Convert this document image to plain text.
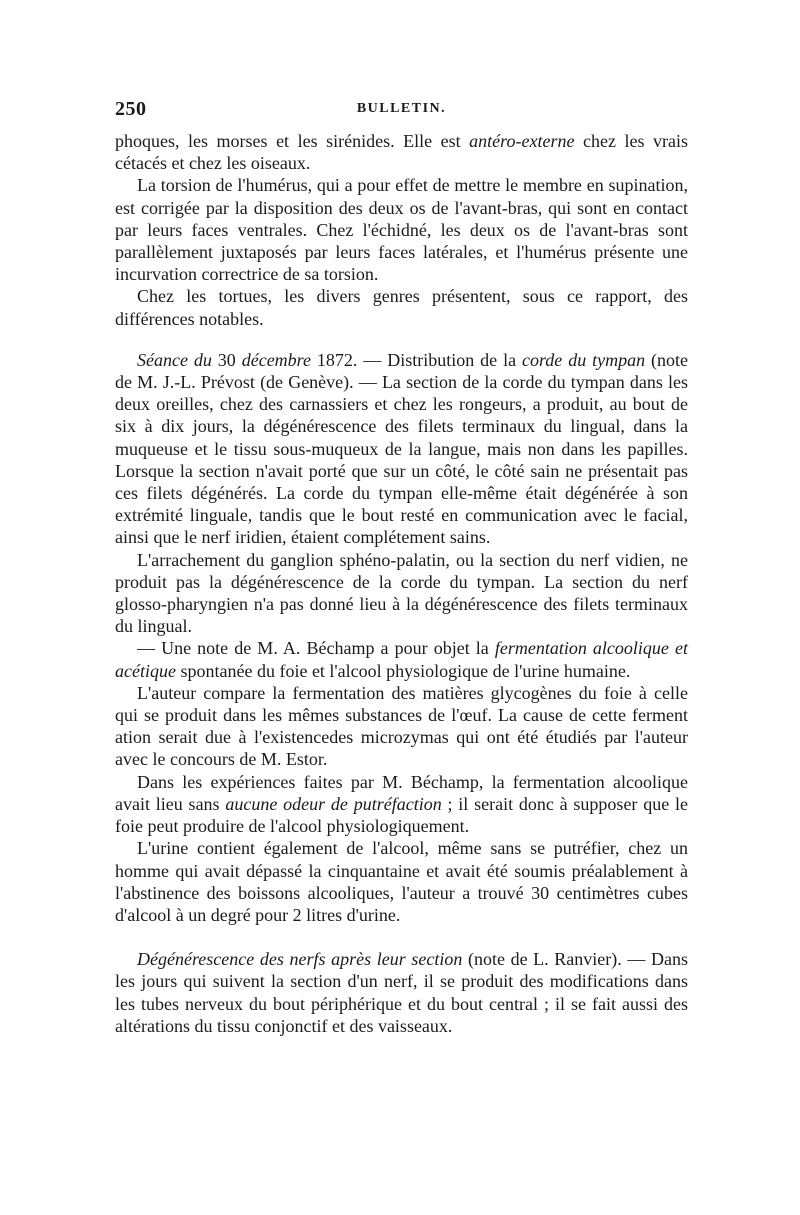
250	BULLETIN.

phoques, les morses et les sirénides. Elle est antéro-externe chez les vrais cétacés et chez les oiseaux.

La torsion de l'humérus, qui a pour effet de mettre le membre en supination, est corrigée par la disposition des deux os de l'avant-bras, qui sont en contact par leurs faces ventrales. Chez l'échidné, les deux os de l'avant-bras sont parallèlement juxtaposés par leurs faces latérales, et l'humérus présente une incurvation correctrice de sa torsion.

Chez les tortues, les divers genres présentent, sous ce rapport, des différences notables.

Séance du 30 décembre 1872. — Distribution de la corde du tympan (note de M. J.-L. Prévost (de Genève). — La section de la corde du tympan dans les deux oreilles, chez des carnassiers et chez les rongeurs, a produit, au bout de six à dix jours, la dégénérescence des filets terminaux du lingual, dans la muqueuse et le tissu sous-muqueux de la langue, mais non dans les papilles. Lorsque la section n'avait porté que sur un côté, le côté sain ne présentait pas ces filets dégénérés. La corde du tympan elle-même était dégénérée à son extrémité linguale, tandis que le bout resté en communication avec le facial, ainsi que le nerf iridien, étaient complétement sains.

L'arrachement du ganglion sphéno-palatin, ou la section du nerf vidien, ne produit pas la dégénérescence de la corde du tympan. La section du nerf glosso-pharyngien n'a pas donné lieu à la dégénérescence des filets terminaux du lingual.

— Une note de M. A. Béchamp a pour objet la fermentation alcoolique et acétique spontanée du foie et l'alcool physiologique de l'urine humaine.

L'auteur compare la fermentation des matières glycogènes du foie à celle qui se produit dans les mêmes substances de l'œuf. La cause de cette ferment ation serait due à l'existencedes microzymas qui ont été étudiés par l'auteur avec le concours de M. Estor.

Dans les expériences faites par M. Béchamp, la fermentation alcoolique avait lieu sans aucune odeur de putréfaction ; il serait donc à supposer que le foie peut produire de l'alcool physiologiquement.

L'urine contient également de l'alcool, même sans se putréfier, chez un homme qui avait dépassé la cinquantaine et avait été soumis préalablement à l'abstinence des boissons alcooliques, l'auteur a trouvé 30 centimètres cubes d'alcool à un degré pour 2 litres d'urine.

Dégénérescence des nerfs après leur section (note de L. Ranvier). — Dans les jours qui suivent la section d'un nerf, il se produit des modifications dans les tubes nerveux du bout périphérique et du bout central ; il se fait aussi des altérations du tissu conjonctif et des vaisseaux.
